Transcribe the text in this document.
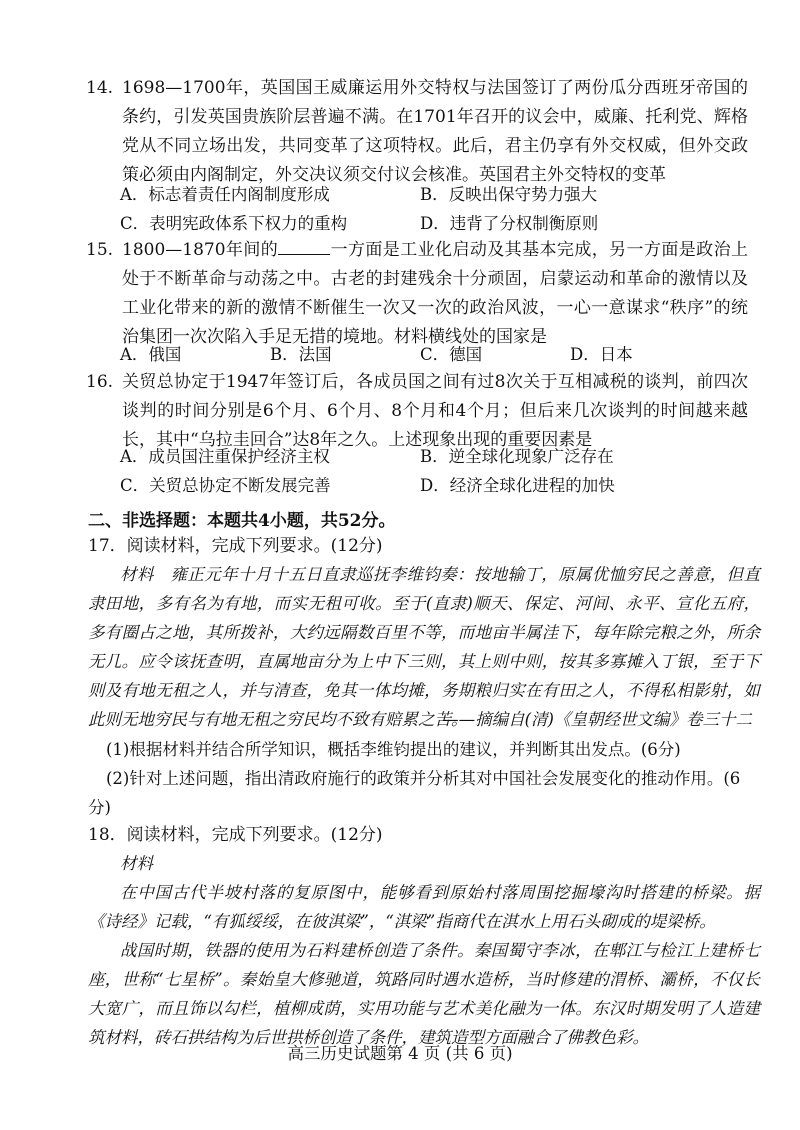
14. 1698—1700年，英国国王威廉运用外交特权与法国签订了两份瓜分西班牙帝国的条约，引发英国贵族阶层普遍不满。在1701年召开的议会中，威廉、托利党、辉格党从不同立场出发，共同变革了这项特权。此后，君主仍享有外交权威，但外交政策必须由内阁制定，外交决议须交付议会核准。英国君主外交特权的变革
A．标志着责任内阁制度形成	B．反映出保守势力强大
C．表明宪政体系下权力的重构	D．违背了分权制衡原则
15. 1800—1870年间的	一方面是工业化启动及其基本完成，另一方面是政治上处于不断革命与动荡之中。古老的封建残余十分顽固，启蒙运动和革命的激情以及工业化带来的新的激情不断催生一次又一次的政治风波，一心一意谋求“秩序”的统治集团一次次陷入手足无措的境地。材料横线处的国家是
A．俄国	B．法国	C．德国	D．日本
16. 关贸总协定于1947年签订后，各成员国之间有过8次关于互相减税的谈判，前四次谈判的时间分别是6个月、6个月、8个月和4个月；但后来几次谈判的时间越来越长，其中“乌拉圭回合”达8年之久。上述现象出现的重要因素是
A．成员国注重保护经济主权	B．逆全球化现象广泛存在
C．关贸总协定不断发展完善	D．经济全球化进程的加快
二、非选择题：本题共4小题，共52分。
17．阅读材料，完成下列要求。(12分)
材料　雍正元年十月十五日直隶巡抚李维钧奏：按地输丁，原属优恤穷民之善意，但直隶田地，多有名为有地，而实无租可收。至于(直隶)顺天、保定、河间、永平、宣化五府，多有圈占之地，其所拨补，大约远隔数百里不等，而地亩半属洼下，每年除完粮之外，所余无几。应令该抚查明，直属地亩分为上中下三则，其上则中则，按其多寡摊入丁银，至于下则及有地无租之人，并与清查，免其一体均摊，务期粮归实在有田之人，不得私相影射，如此则无地穷民与有地无租之穷民均不致有赔累之苦。
——摘编自(清)《皇朝经世文编》卷三十二
(1)根据材料并结合所学知识，概括李维钧提出的建议，并判断其出发点。(6分)
(2)针对上述问题，指出清政府施行的政策并分析其对中国社会发展变化的推动作用。(6分)
18．阅读材料，完成下列要求。(12分)
材料
在中国古代半坡村落的复原图中，能够看到原始村落周围挖掘壕沟时搭建的桥梁。据《诗经》记载，“有狐绥绥，在彼淇梁”，“淇梁”指商代在淇水上用石头砌成的堤梁桥。
战国时期，铁器的使用为石料建桥创造了条件。秦国蜀守李冰，在郫江与检江上建桥七座，世称“七星桥”。秦始皇大修驰道，筑路同时遇水造桥，当时修建的渭桥、灞桥，不仅长大宽广，而且饰以勾栏，植柳成荫，实用功能与艺术美化融为一体。东汉时期发明了人造建筑材料，砖石拱结构为后世拱桥创造了条件，建筑造型方面融合了佛教色彩。
高三历史试题第 4 页 (共 6 页)
